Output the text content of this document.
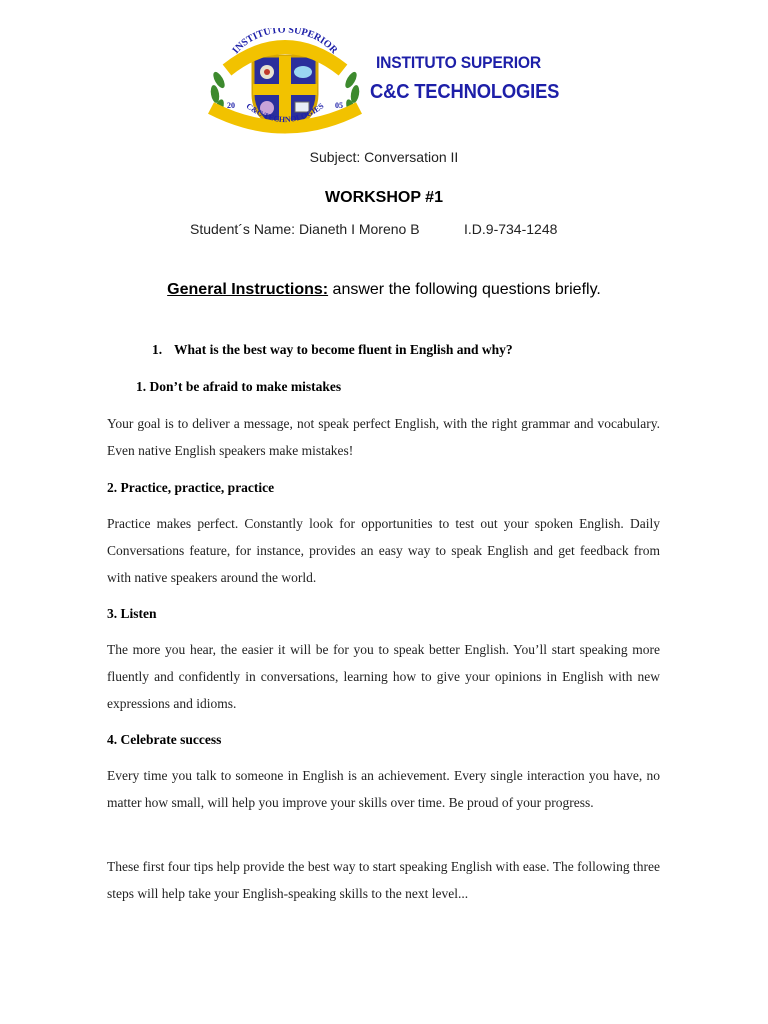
INSTITUTO SUPERIOR
C&C TECHNOLOGIES
20	05
INSTITUTO SUPERIOR
C&C TECHNOLOGIES
Subject: Conversation II
WORKSHOP #1
Student´s Name: Dianeth I Moreno B	I.D.9-734-1248
General Instructions: answer the following questions briefly.
1. What is the best way to become fluent in English and why?
1. Don’t be afraid to make mistakes
Your goal is to deliver a message, not speak perfect English, with the right grammar and vocabulary. Even native English speakers make mistakes!
2. Practice, practice, practice
Practice makes perfect. Constantly look for opportunities to test out your spoken English. Daily Conversations feature, for instance, provides an easy way to speak English and get feedback from with native speakers around the world.
3. Listen
The more you hear, the easier it will be for you to speak better English. You’ll start speaking more fluently and confidently in conversations, learning how to give your opinions in English with new expressions and idioms.
4. Celebrate success
Every time you talk to someone in English is an achievement. Every single interaction you have, no matter how small, will help you improve your skills over time. Be proud of your progress.
These first four tips help provide the best way to start speaking English with ease. The following three steps will help take your English-speaking skills to the next level...
